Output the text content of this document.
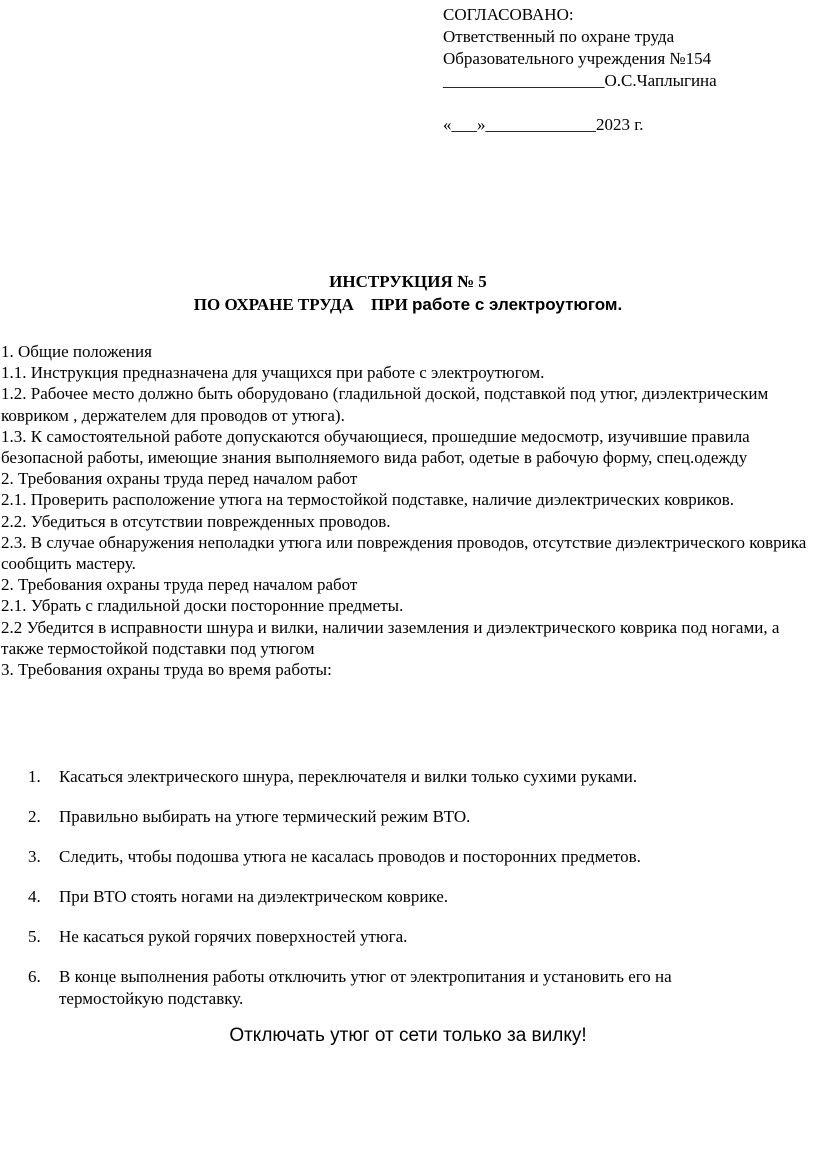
СОГЛАСОВАНО:
Ответственный по охране труда
Образовательного учреждения №154
___________________О.С.Чаплыгина
«___»_____________2023 г.
ИНСТРУКЦИЯ № 5
ПО ОХРАНЕ ТРУДА    ПРИ работе с электроутюгом.
1. Общие положения
1.1. Инструкция предназначена для учащихся при работе с электроутюгом.
1.2. Рабочее место должно быть оборудовано (гладильной доской, подставкой под утюг, диэлектрическим ковриком , держателем для проводов от утюга).
1.3. К самостоятельной работе допускаются обучающиеся, прошедшие медосмотр, изучившие правила безопасной работы, имеющие знания выполняемого вида работ, одетые в рабочую форму, спец.одежду
2. Требования охраны труда перед началом работ
2.1. Проверить расположение утюга на термостойкой подставке, наличие диэлектрических ковриков.
2.2. Убедиться в отсутствии поврежденных проводов.
2.3. В случае обнаружения неполадки утюга или повреждения проводов, отсутствие диэлектрического коврика сообщить мастеру.
2. Требования охраны труда перед началом работ
2.1. Убрать с гладильной доски посторонние предметы.
2.2 Убедится в исправности шнура и вилки, наличии заземления и диэлектрического коврика под ногами, а также термостойкой подставки под утюгом
3. Требования охраны труда во время работы:
1. Касаться электрического шнура, переключателя и вилки только сухими руками.
2. Правильно выбирать на утюге термический режим ВТО.
3. Следить, чтобы подошва утюга не касалась проводов и посторонних предметов.
4. При ВТО стоять ногами на диэлектрическом коврике.
5. Не касаться рукой горячих поверхностей утюга.
6. В конце выполнения работы отключить утюг от электропитания и установить его на термостойкую подставку.
Отключать утюг от сети только за вилку!
